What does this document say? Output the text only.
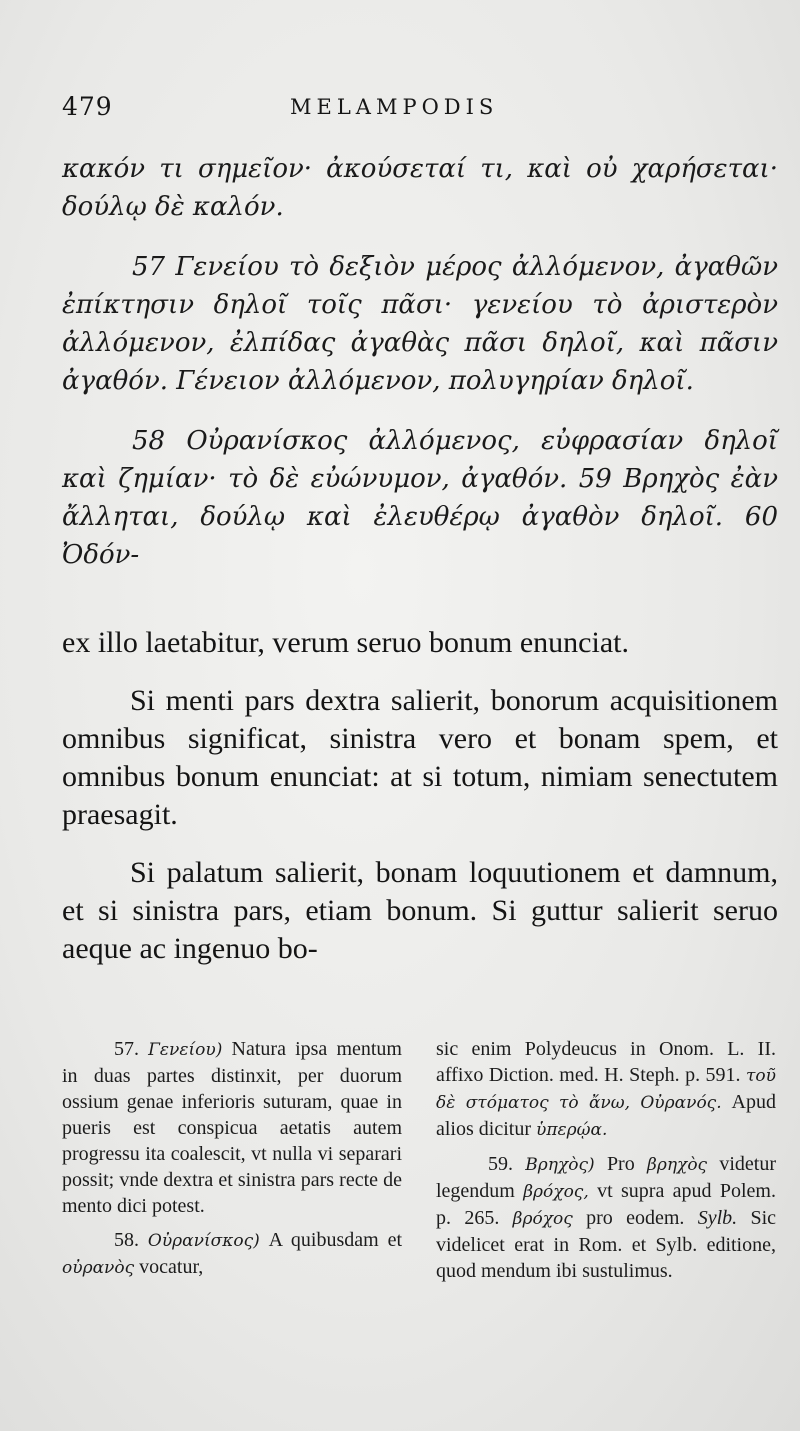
479	MELAMPODIS

κακόν τι σημεῖον· ἀκούσεταί τι, καὶ οὐ χαρήσεται· δούλῳ δὲ καλόν.

57 Γενείου τὸ δεξιὸν μέρος ἀλλόμενον, ἀγαθῶν ἐπίκτησιν δηλοῖ τοῖς πᾶσι· γενείου τὸ ἀριστερὸν ἀλλόμενον, ἐλπίδας ἀγαθὰς πᾶσι δηλοῖ, καὶ πᾶσιν ἀγαθόν. Γένειον ἀλλόμενον, πολυγηρίαν δηλοῖ.

58 Οὐρανίσκος ἀλλόμενος, εὐφρασίαν δηλοῖ καὶ ζημίαν· τὸ δὲ εὐώνυμον, ἀγαθόν. 59 Βρηχὸς ἐὰν ἄλληται, δούλῳ καὶ ἐλευθέρῳ ἀγαθὸν δηλοῖ. 60 Ὀδόν-

ex illo laetabitur, verum seruo bonum enunciat.

Si menti pars dextra salierit, bonorum acquisitionem omnibus significat, sinistra vero et bonam spem, et omnibus bonum enunciat: at si totum, nimiam senectutem praesagit.

Si palatum salierit, bonam loquutionem et damnum, et si sinistra pars, etiam bonum. Si guttur salierit seruo aeque ac ingenuo bo-

57. Γενείου) Natura ipsa mentum in duas partes distinxit, per duorum ossium genae inferioris suturam, quae in pueris est conspicua aetatis autem progressu ita coalescit, vt nulla vi separari possit; vnde dextra et sinistra pars recte de mento dici potest.

58. Οὐρανίσκος) A quibusdam et οὐρανὸς vocatur,

sic enim Polydeucus in Onom. L. II. affixo Diction. med. H. Steph. p. 591. τοῦ δὲ στόματος τὸ ἄνω, Οὐρανός. Apud alios dicitur ὑπερῴα.

59. Βρηχὸς) Pro βρηχὸς videtur legendum βρόχος, vt supra apud Polem. p. 265. βρόχος pro eodem. Sylb. Sic videlicet erat in Rom. et Sylb. editione, quod mendum ibi sustulimus.
